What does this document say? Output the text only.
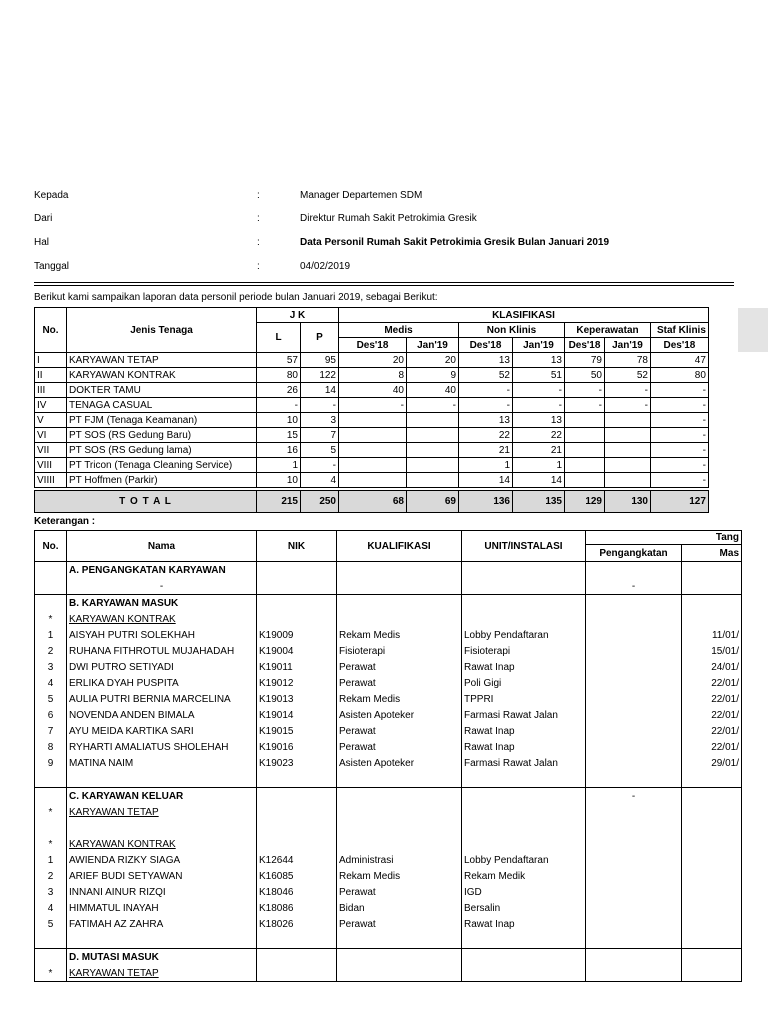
Kepada	:	Manager Departemen SDM
Dari	:	Direktur Rumah Sakit Petrokimia Gresik
Hal	:	Data Personil Rumah Sakit Petrokimia Gresik Bulan Januari 2019
Tanggal	:	04/02/2019
Berikut kami sampaikan laporan data personil periode bulan Januari 2019, sebagai Berikut:
No.	Jenis Tenaga	J K		KLASIFIKASI						
		L	P	Medis		Non Klinis		Keperawatan		Staf Klinis
				Des'18	Jan'19	Des'18	Jan'19	Des'18	Jan'19	Des'18
I	KARYAWAN TETAP	57	95	20	20	13	13	79	78	47
II	KARYAWAN KONTRAK	80	122	8	9	52	51	50	52	80
III	DOKTER TAMU	26	14	40	40	-	-	-	-	-
IV	TENAGA CASUAL	-	-	-	-	-	-	-	-	-
V	PT FJM (Tenaga Keamanan)	10	3			13	13			-
VI	PT SOS (RS Gedung Baru)	15	7			22	22			-
VII	PT SOS (RS Gedung lama)	16	5			21	21			-
VIII	PT Tricon (Tenaga Cleaning Service)	1	-			1	1			-
VIIII	PT Hoffmen (Parkir)	10	4			14	14			-

T O T A L		215	250	68	69	136	135	129	130	127
Keterangan :
No.	Nama	NIK	KUALIFIKASI	UNIT/INSTALASI	Tang	
					Pengangkatan	Mas
	A. PENGANGKATAN KARYAWAN					
	-				-	
	B. KARYAWAN MASUK					
*	KARYAWAN KONTRAK					
1	AISYAH PUTRI SOLEKHAH	K19009	Rekam Medis	Lobby Pendaftaran		11/01/
2	RUHANA FITHROTUL MUJAHADAH	K19004	Fisioterapi	Fisioterapi		15/01/
3	DWI PUTRO SETIYADI	K19011	Perawat	Rawat Inap		24/01/
4	ERLIKA DYAH PUSPITA	K19012	Perawat	Poli Gigi		22/01/
5	AULIA PUTRI BERNIA MARCELINA	K19013	Rekam Medis	TPPRI		22/01/
6	NOVENDA ANDEN BIMALA	K19014	Asisten Apoteker	Farmasi Rawat Jalan		22/01/
7	AYU MEIDA KARTIKA SARI	K19015	Perawat	Rawat Inap		22/01/
8	RYHARTI AMALIATUS SHOLEHAH	K19016	Perawat	Rawat Inap		22/01/
9	MATINA NAIM	K19023	Asisten Apoteker	Farmasi Rawat Jalan		29/01/

	C. KARYAWAN KELUAR				-	
*	KARYAWAN TETAP					

*	KARYAWAN KONTRAK					
1	AWIENDA RIZKY SIAGA	K12644	Administrasi	Lobby Pendaftaran		
2	ARIEF BUDI SETYAWAN	K16085	Rekam Medis	Rekam Medik		
3	INNANI AINUR RIZQI	K18046	Perawat	IGD		
4	HIMMATUL INAYAH	K18086	Bidan	Bersalin		
5	FATIMAH AZ ZAHRA	K18026	Perawat	Rawat Inap		

	D. MUTASI MASUK					
*	KARYAWAN TETAP					
